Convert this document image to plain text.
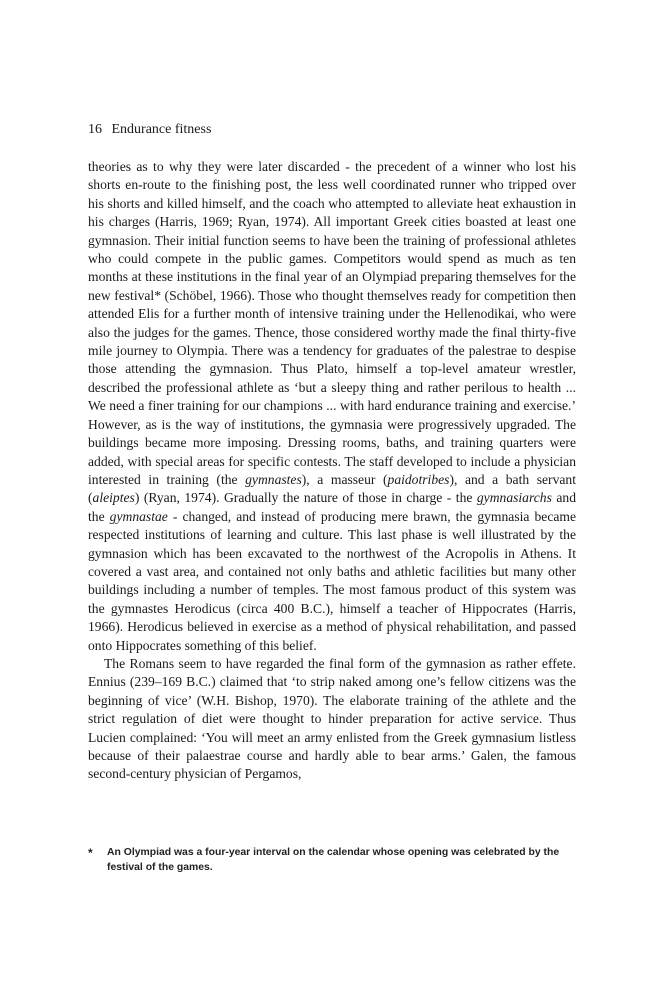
16 Endurance fitness

theories as to why they were later discarded - the precedent of a winner who lost his shorts en-route to the finishing post, the less well coordinated runner who tripped over his shorts and killed himself, and the coach who attempted to alleviate heat exhaustion in his charges (Harris, 1969; Ryan, 1974). All important Greek cities boasted at least one gymnasion. Their initial function seems to have been the training of professional athletes who could compete in the public games. Competitors would spend as much as ten months at these institutions in the final year of an Olympiad preparing themselves for the new festival* (Schöbel, 1966). Those who thought themselves ready for competition then attended Elis for a further month of intensive training under the Hellenodikai, who were also the judges for the games. Thence, those considered worthy made the final thirty-five mile journey to Olympia. There was a tendency for graduates of the palestrae to despise those attending the gymnasion. Thus Plato, himself a top-level amateur wrestler, described the professional athlete as ‘but a sleepy thing and rather perilous to health ... We need a finer training for our champions ... with hard endurance training and exercise.’ However, as is the way of institutions, the gymnasia were progressively upgraded. The buildings became more imposing. Dressing rooms, baths, and training quarters were added, with special areas for specific contests. The staff developed to include a physician interested in training (the gymnastes), a masseur (paidotribes), and a bath servant (aleiptes) (Ryan, 1974). Gradually the nature of those in charge - the gymnasiarchs and the gymnastae - changed, and instead of producing mere brawn, the gymnasia became respected institutions of learning and culture. This last phase is well illustrated by the gymnasion which has been excavated to the northwest of the Acropolis in Athens. It covered a vast area, and contained not only baths and athletic facilities but many other buildings including a number of temples. The most famous product of this system was the gymnastes Herodicus (circa 400 B.C.), himself a teacher of Hippocrates (Harris, 1966). Herodicus believed in exercise as a method of physical rehabilitation, and passed onto Hippocrates something of this belief.

The Romans seem to have regarded the final form of the gymnasion as rather effete. Ennius (239–169 B.C.) claimed that ‘to strip naked among one’s fellow citizens was the beginning of vice’ (W.H. Bishop, 1970). The elaborate training of the athlete and the strict regulation of diet were thought to hinder preparation for active service. Thus Lucien complained: ‘You will meet an army enlisted from the Greek gymnasium listless because of their palaestrae course and hardly able to bear arms.’ Galen, the famous second-century physician of Pergamos,

*	An Olympiad was a four-year interval on the calendar whose opening was celebrated by the festival of the games.
